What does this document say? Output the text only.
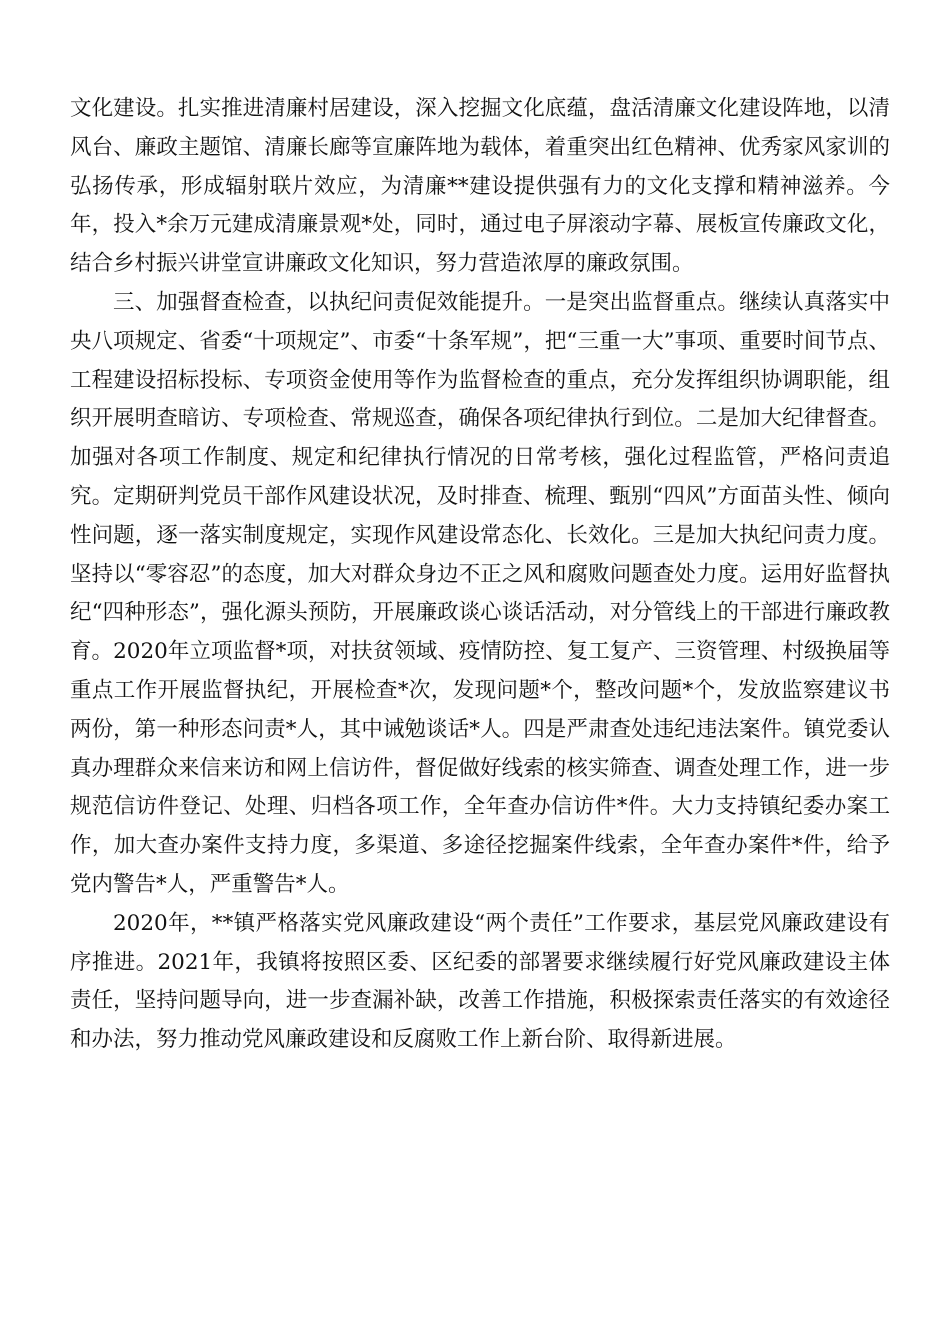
文化建设。扎实推进清廉村居建设，深入挖掘文化底蕴，盘活清廉文化建设阵地，以清风台、廉政主题馆、清廉长廊等宣廉阵地为载体，着重突出红色精神、优秀家风家训的弘扬传承，形成辐射联片效应，为清廉**建设提供强有力的文化支撑和精神滋养。今年，投入*余万元建成清廉景观*处，同时，通过电子屏滚动字幕、展板宣传廉政文化，结合乡村振兴讲堂宣讲廉政文化知识，努力营造浓厚的廉政氛围。

三、加强督查检查，以执纪问责促效能提升。一是突出监督重点。继续认真落实中央八项规定、省委“十项规定”、市委“十条军规”，把“三重一大”事项、重要时间节点、工程建设招标投标、专项资金使用等作为监督检查的重点，充分发挥组织协调职能，组织开展明查暗访、专项检查、常规巡查，确保各项纪律执行到位。二是加大纪律督查。加强对各项工作制度、规定和纪律执行情况的日常考核，强化过程监管，严格问责追究。定期研判党员干部作风建设状况，及时排查、梳理、甄别“四风”方面苗头性、倾向性问题，逐一落实制度规定，实现作风建设常态化、长效化。三是加大执纪问责力度。坚持以“零容忍”的态度，加大对群众身边不正之风和腐败问题查处力度。运用好监督执纪“四种形态”，强化源头预防，开展廉政谈心谈话活动，对分管线上的干部进行廉政教育。2020年立项监督*项，对扶贫领域、疫情防控、复工复产、三资管理、村级换届等重点工作开展监督执纪，开展检查*次，发现问题*个，整改问题*个，发放监察建议书两份，第一种形态问责*人，其中诫勉谈话*人。四是严肃查处违纪违法案件。镇党委认真办理群众来信来访和网上信访件，督促做好线索的核实筛查、调查处理工作，进一步规范信访件登记、处理、归档各项工作，全年查办信访件*件。大力支持镇纪委办案工作，加大查办案件支持力度，多渠道、多途径挖掘案件线索，全年查办案件*件，给予党内警告*人，严重警告*人。

2020年，**镇严格落实党风廉政建设“两个责任”工作要求，基层党风廉政建设有序推进。2021年，我镇将按照区委、区纪委的部署要求继续履行好党风廉政建设主体责任，坚持问题导向，进一步查漏补缺，改善工作措施，积极探索责任落实的有效途径和办法，努力推动党风廉政建设和反腐败工作上新台阶、取得新进展。
